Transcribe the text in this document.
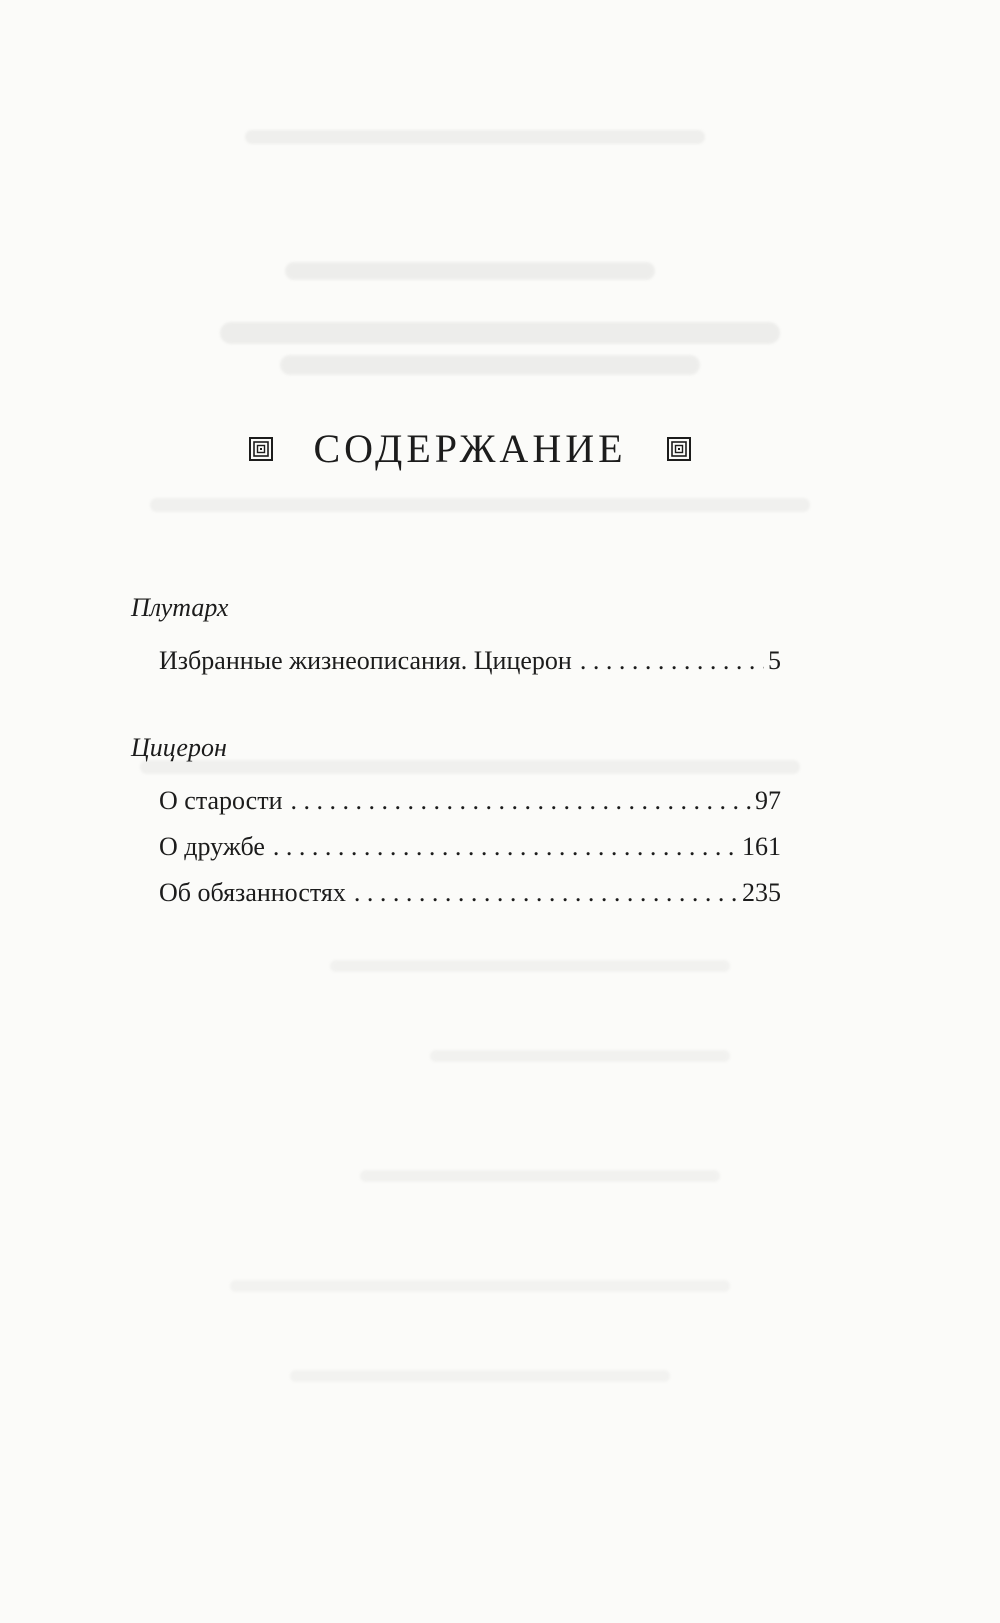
СОДЕРЖАНИЕ
Плутарх
Избранные жизнеописания. Цицерон . . .	5
Цицерон
О старости . . .	97
О дружбе . . .	161
Об обязанностях . . .	235
